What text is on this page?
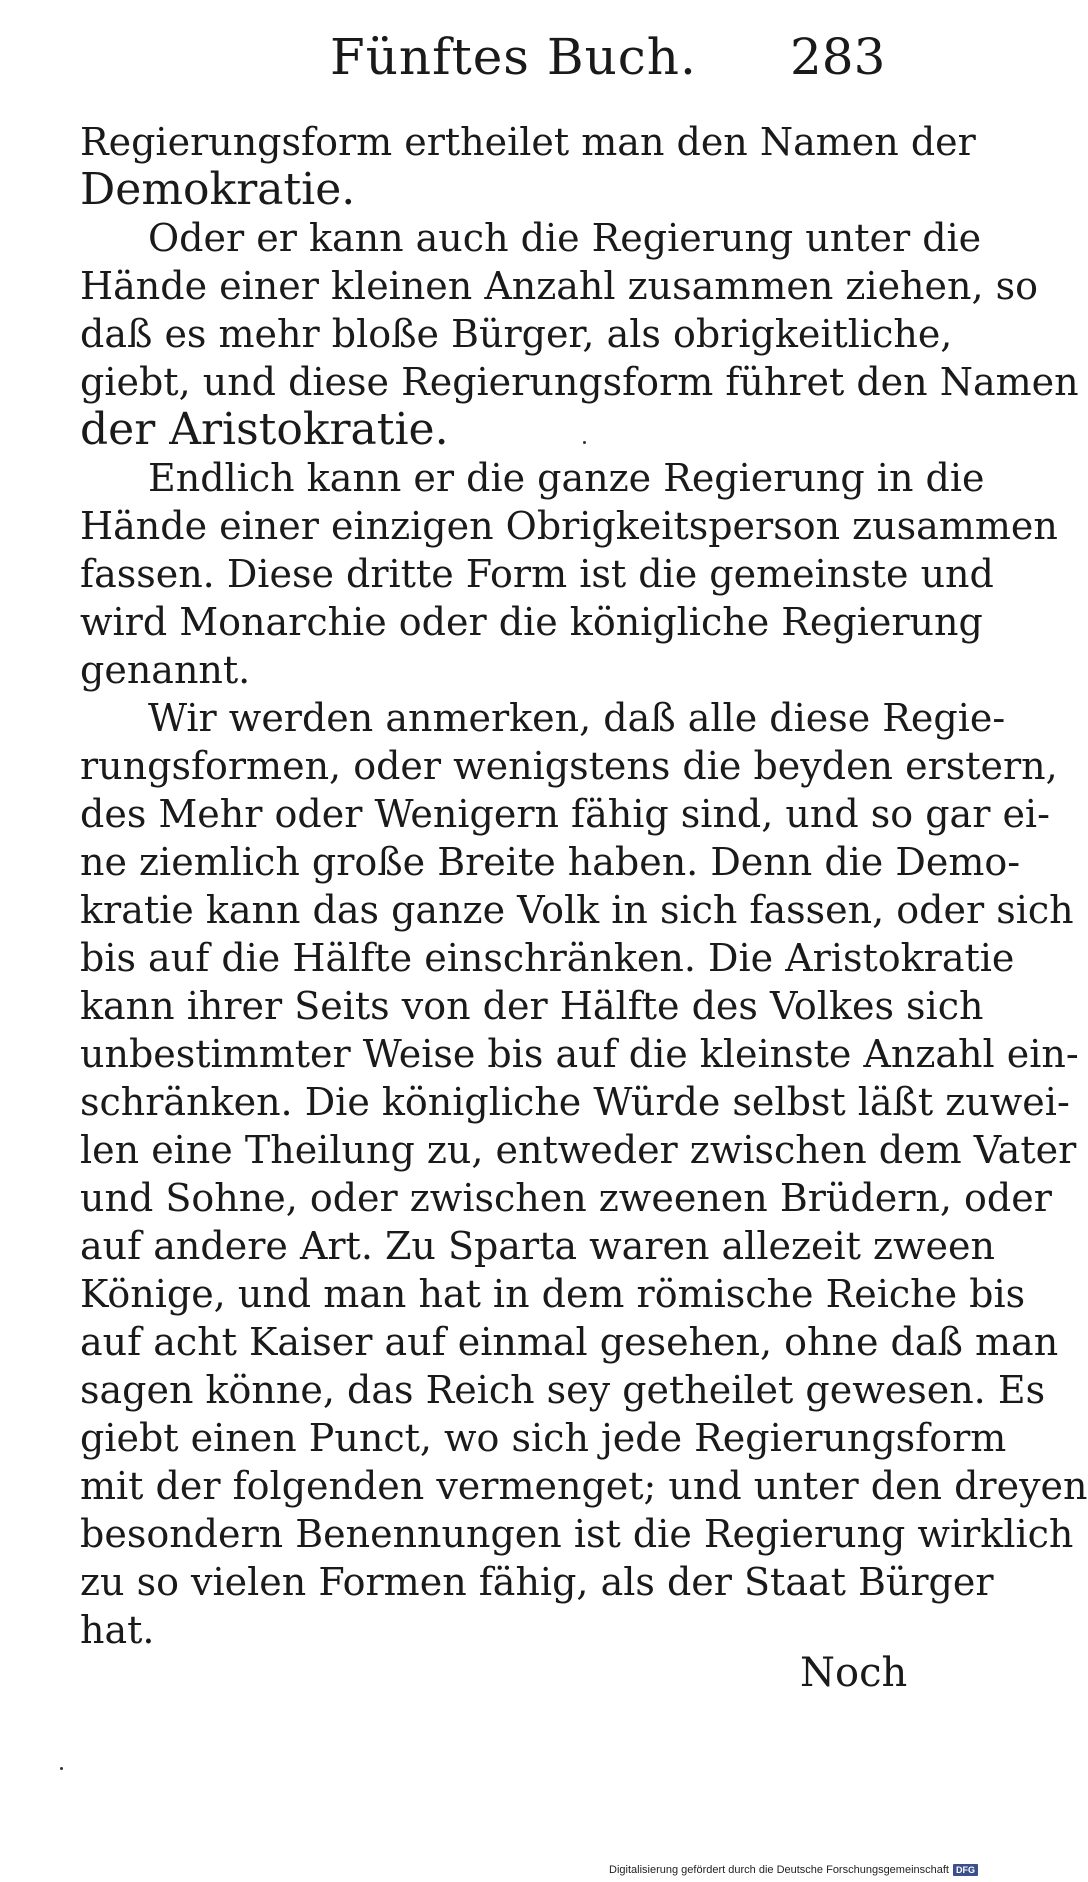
Fünftes Buch. 283
Regierungsform ertheilet man den Namen der
Demokratie.
Oder er kann auch die Regierung unter die
Hände einer kleinen Anzahl zusammen ziehen, so
daß es mehr bloße Bürger, als obrigkeitliche,
giebt, und diese Regierungsform führet den Namen
der Aristokratie.
Endlich kann er die ganze Regierung in die
Hände einer einzigen Obrigkeitsperson zusammen
fassen. Diese dritte Form ist die gemeinste und
wird Monarchie oder die königliche Regierung
genannt.
Wir werden anmerken, daß alle diese Regie-
rungsformen, oder wenigstens die beyden erstern,
des Mehr oder Wenigern fähig sind, und so gar ei-
ne ziemlich große Breite haben. Denn die Demo-
kratie kann das ganze Volk in sich fassen, oder sich
bis auf die Hälfte einschränken. Die Aristokratie
kann ihrer Seits von der Hälfte des Volkes sich
unbestimmter Weise bis auf die kleinste Anzahl ein-
schränken. Die königliche Würde selbst läßt zuwei-
len eine Theilung zu, entweder zwischen dem Vater
und Sohne, oder zwischen zweenen Brüdern, oder
auf andere Art. Zu Sparta waren allezeit zween
Könige, und man hat in dem römische Reiche bis
auf acht Kaiser auf einmal gesehen, ohne daß man
sagen könne, das Reich sey getheilet gewesen. Es
giebt einen Punct, wo sich jede Regierungsform
mit der folgenden vermenget; und unter den dreyen
besondern Benennungen ist die Regierung wirklich
zu so vielen Formen fähig, als der Staat Bürger
hat.
Noch
Digitalisierung gefördert durch die Deutsche Forschungsgemeinschaft DFG
